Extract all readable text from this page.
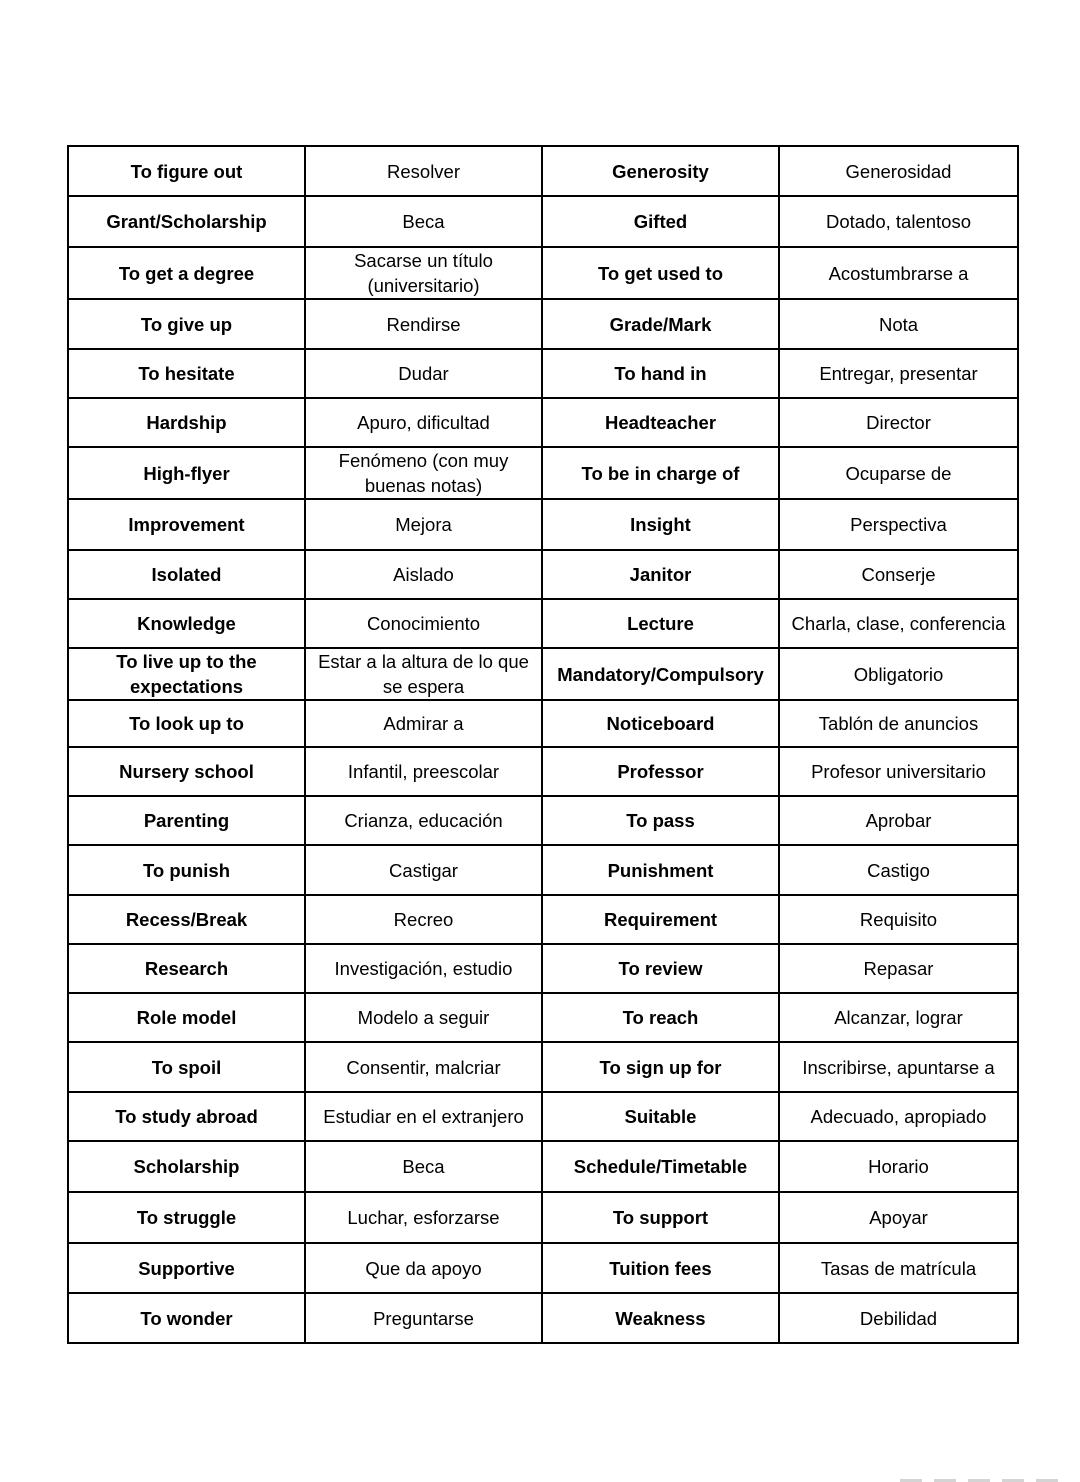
To figure out	Resolver	Generosity	Generosidad
Grant/Scholarship	Beca	Gifted	Dotado, talentoso
To get a degree	Sacarse un título (universitario)	To get used to	Acostumbrarse a
To give up	Rendirse	Grade/Mark	Nota
To hesitate	Dudar	To hand in	Entregar, presentar
Hardship	Apuro, dificultad	Headteacher	Director
High-flyer	Fenómeno (con muy buenas notas)	To be in charge of	Ocuparse de
Improvement	Mejora	Insight	Perspectiva
Isolated	Aislado	Janitor	Conserje
Knowledge	Conocimiento	Lecture	Charla, clase, conferencia
To live up to the expectations	Estar a la altura de lo que se espera	Mandatory/Compulsory	Obligatorio
To look up to	Admirar a	Noticeboard	Tablón de anuncios
Nursery school	Infantil, preescolar	Professor	Profesor universitario
Parenting	Crianza, educación	To pass	Aprobar
To punish	Castigar	Punishment	Castigo
Recess/Break	Recreo	Requirement	Requisito
Research	Investigación, estudio	To review	Repasar
Role model	Modelo a seguir	To reach	Alcanzar, lograr
To spoil	Consentir, malcriar	To sign up for	Inscribirse, apuntarse a
To study abroad	Estudiar en el extranjero	Suitable	Adecuado, apropiado
Scholarship	Beca	Schedule/Timetable	Horario
To struggle	Luchar, esforzarse	To support	Apoyar
Supportive	Que da apoyo	Tuition fees	Tasas de matrícula
To wonder	Preguntarse	Weakness	Debilidad
